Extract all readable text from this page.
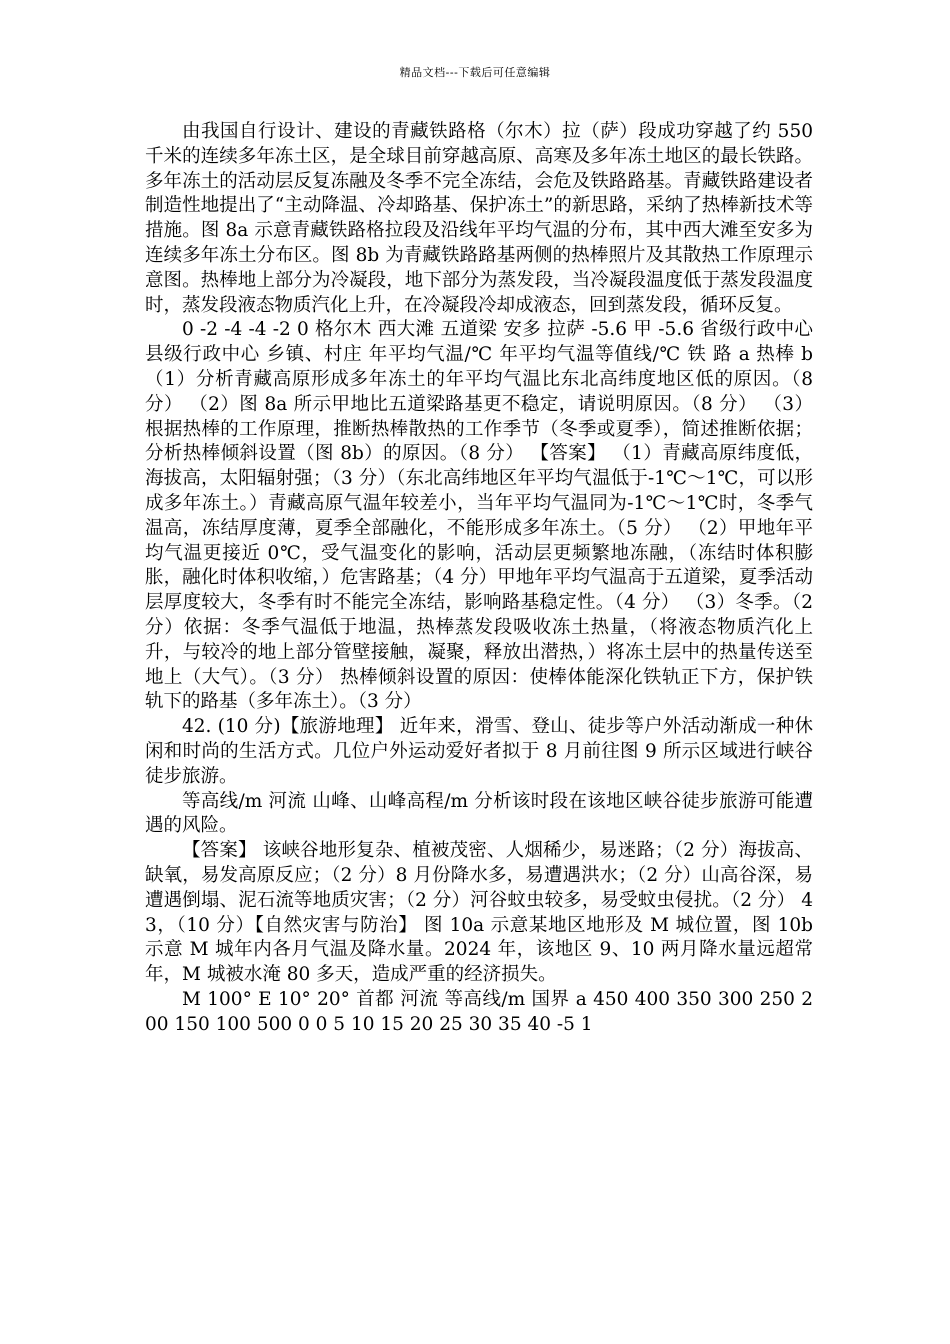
精品文档---下载后可任意编辑

由我国自行设计、建设的青藏铁路格（尔木）拉（萨）段成功穿越了约 550 千米的连续多年冻土区，是全球目前穿越高原、高寒及多年冻土地区的最长铁路。多年冻土的活动层反复冻融及冬季不完全冻结，会危及铁路路基。青藏铁路建设者制造性地提出了“主动降温、冷却路基、保护冻土”的新思路，采纳了热棒新技术等措施。图 8a 示意青藏铁路格拉段及沿线年平均气温的分布，其中西大滩至安多为连续多年冻土分布区。图 8b 为青藏铁路路基两侧的热棒照片及其散热工作原理示意图。热棒地上部分为冷凝段，地下部分为蒸发段，当冷凝段温度低于蒸发段温度时，蒸发段液态物质汽化上升，在冷凝段冷却成液态，回到蒸发段，循环反复。

0 -2 -4 -4 -2 0 格尔木 西大滩 五道梁 安多 拉萨 -5.6 甲 -5.6 省级行政中心 县级行政中心 乡镇、村庄 年平均气温/℃ 年平均气温等值线/℃ 铁 路 a 热棒 b （1）分析青藏高原形成多年冻土的年平均气温比东北高纬度地区低的原因。（8 分） （2）图 8a 所示甲地比五道梁路基更不稳定，请说明原因。（8 分） （3）根据热棒的工作原理，推断热棒散热的工作季节（冬季或夏季），简述推断依据；分析热棒倾斜设置（图 8b）的原因。（8 分） 【答案】 （1）青藏高原纬度低，海拔高，太阳辐射强；（3 分）（东北高纬地区年平均气温低于-1℃～1℃，可以形成多年冻土。）青藏高原气温年较差小，当年平均气温同为-1℃～1℃时，冬季气温高，冻结厚度薄，夏季全部融化，不能形成多年冻土。（5 分） （2）甲地年平均气温更接近 0℃，受气温变化的影响，活动层更频繁地冻融，（冻结时体积膨胀，融化时体积收缩，）危害路基；（4 分）甲地年平均气温高于五道梁，夏季活动层厚度较大，冬季有时不能完全冻结，影响路基稳定性。（4 分） （3）冬季。（2 分）依据：冬季气温低于地温，热棒蒸发段吸收冻土热量，（将液态物质汽化上升，与较冷的地上部分管壁接触，凝聚，释放出潜热，）将冻土层中的热量传送至地上（大气）。（3 分） 热棒倾斜设置的原因：使棒体能深化铁轨正下方，保护铁轨下的路基（多年冻土）。（3 分）

42. (10 分)【旅游地理】 近年来，滑雪、登山、徒步等户外活动渐成一种休闲和时尚的生活方式。几位户外运动爱好者拟于 8 月前往图 9 所示区域进行峡谷徒步旅游。

等高线/m 河流 山峰、山峰高程/m 分析该时段在该地区峡谷徒步旅游可能遭遇的风险。

【答案】 该峡谷地形复杂、植被茂密、人烟稀少，易迷路；（2 分）海拔高、缺氧，易发高原反应；（2 分）8 月份降水多，易遭遇洪水；（2 分）山高谷深，易遭遇倒塌、泥石流等地质灾害；（2 分）河谷蚊虫较多，易受蚊虫侵扰。（2 分） 43，（10 分）【自然灾害与防治】 图 10a 示意某地区地形及 M 城位置，图 10b 示意 M 城年内各月气温及降水量。2024 年，该地区 9、10 两月降水量远超常年，M 城被水淹 80 多天，造成严重的经济损失。

M 100° E 10° 20° 首都 河流 等高线/m 国界 a 450 400 350 300 250 200 150 100 500 0 0 5 10 15 20 25 30 35 40 -5 1
